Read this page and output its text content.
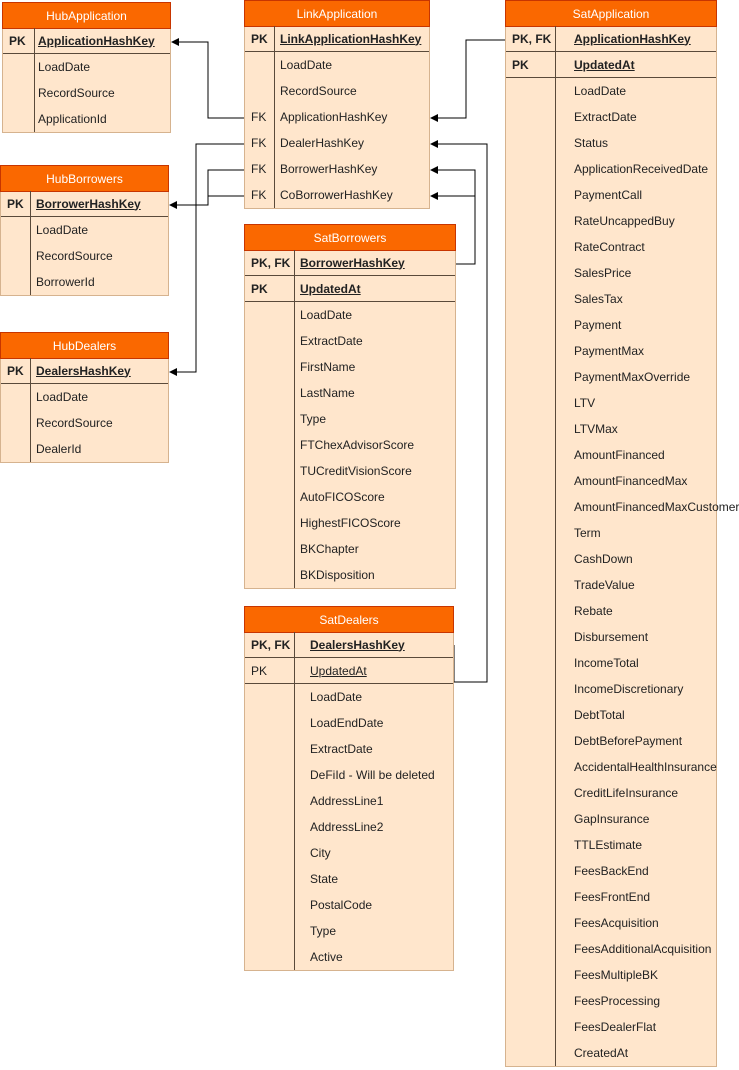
HubApplication
PK	ApplicationHashKey
LoadDate
RecordSource
ApplicationId
HubBorrowers
PK	BorrowerHashKey
LoadDate
RecordSource
BorrowerId
HubDealers
PK	DealersHashKey
LoadDate
RecordSource
DealerId
LinkApplication
PK	LinkApplicationHashKey
LoadDate
RecordSource
FK	ApplicationHashKey
FK	DealerHashKey
FK	BorrowerHashKey
FK	CoBorrowerHashKey
SatBorrowers
PK, FK BorrowerHashKey
PK	UpdatedAt
LoadDate
ExtractDate
FirstName
LastName
Type
FTChexAdvisorScore
TUCreditVisionScore
AutoFICOScore
HighestFICOScore
BKChapter
BKDisposition
SatDealers
PK, FK	DealersHashKey
PK	UpdatedAt
LoadDate
LoadEndDate
ExtractDate
DeFiId - Will be deleted
AddressLine1
AddressLine2
City
State
PostalCode
Type
Active
SatApplication
PK, FK	ApplicationHashKey
PK	UpdatedAt
LoadDate
ExtractDate
Status
ApplicationReceivedDate
PaymentCall
RateUncappedBuy
RateContract
SalesPrice
SalesTax
Payment
PaymentMax
PaymentMaxOverride
LTV
LTVMax
AmountFinanced
AmountFinancedMax
AmountFinancedMaxCustomer
Term
CashDown
TradeValue
Rebate
Disbursement
IncomeTotal
IncomeDiscretionary
DebtTotal
DebtBeforePayment
AccidentalHealthInsurance
CreditLifeInsurance
GapInsurance
TTLEstimate
FeesBackEnd
FeesFrontEnd
FeesAcquisition
FeesAdditionalAcquisition
FeesMultipleBK
FeesProcessing
FeesDealerFlat
CreatedAt
